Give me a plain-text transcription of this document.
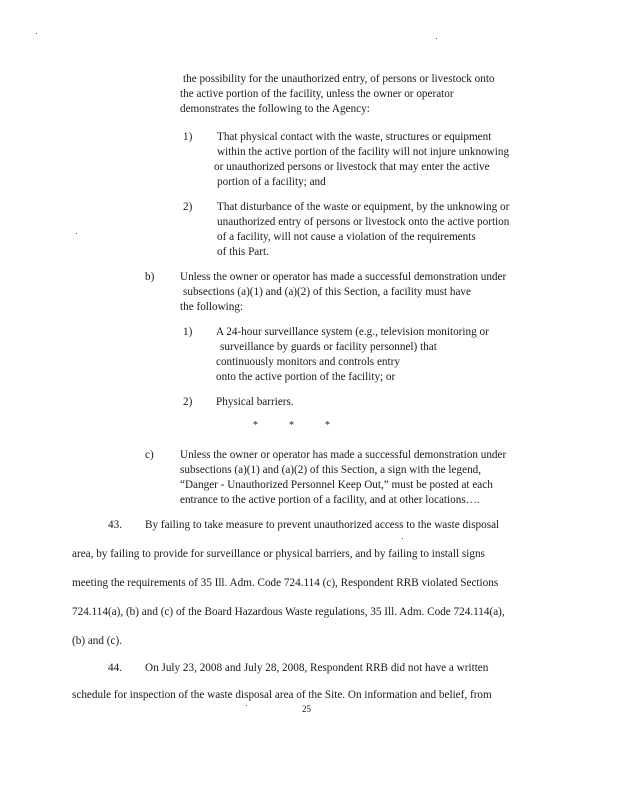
the possibility for the unauthorized entry, of persons or livestock onto
the active portion of the facility, unless the owner or operator
demonstrates the following to the Agency:
1) That physical contact with the waste, structures or equipment
within the active portion of the facility will not injure unknowing
or unauthorized persons or livestock that may enter the active
portion of a facility; and
2) That disturbance of the waste or equipment, by the unknowing or
unauthorized entry of persons or livestock onto the active portion
of a facility, will not cause a violation of the requirements
of this Part.
b) Unless the owner or operator has made a successful demonstration under
subsections (a)(1) and (a)(2) of this Section, a facility must have
the following:
1) A 24-hour surveillance system (e.g., television monitoring or
surveillance by guards or facility personnel) that
continuously monitors and controls entry
onto the active portion of the facility; or
2) Physical barriers.
*	*	*
c) Unless the owner or operator has made a successful demonstration under
subsections (a)(1) and (a)(2) of this Section, a sign with the legend,
“Danger - Unauthorized Personnel Keep Out,” must be posted at each
entrance to the active portion of a facility, and at other locations….
43. By failing to take measure to prevent unauthorized access to the waste disposal
area, by failing to provide for surveillance or physical barriers, and by failing to install signs
meeting the requirements of 35 Ill. Adm. Code 724.114 (c), Respondent RRB violated Sections
724.114(a), (b) and (c) of the Board Hazardous Waste regulations, 35 Ill. Adm. Code 724.114(a),
(b) and (c).
44. On July 23, 2008 and July 28, 2008, Respondent RRB did not have a written
schedule for inspection of the waste disposal area of the Site. On information and belief, from
25
